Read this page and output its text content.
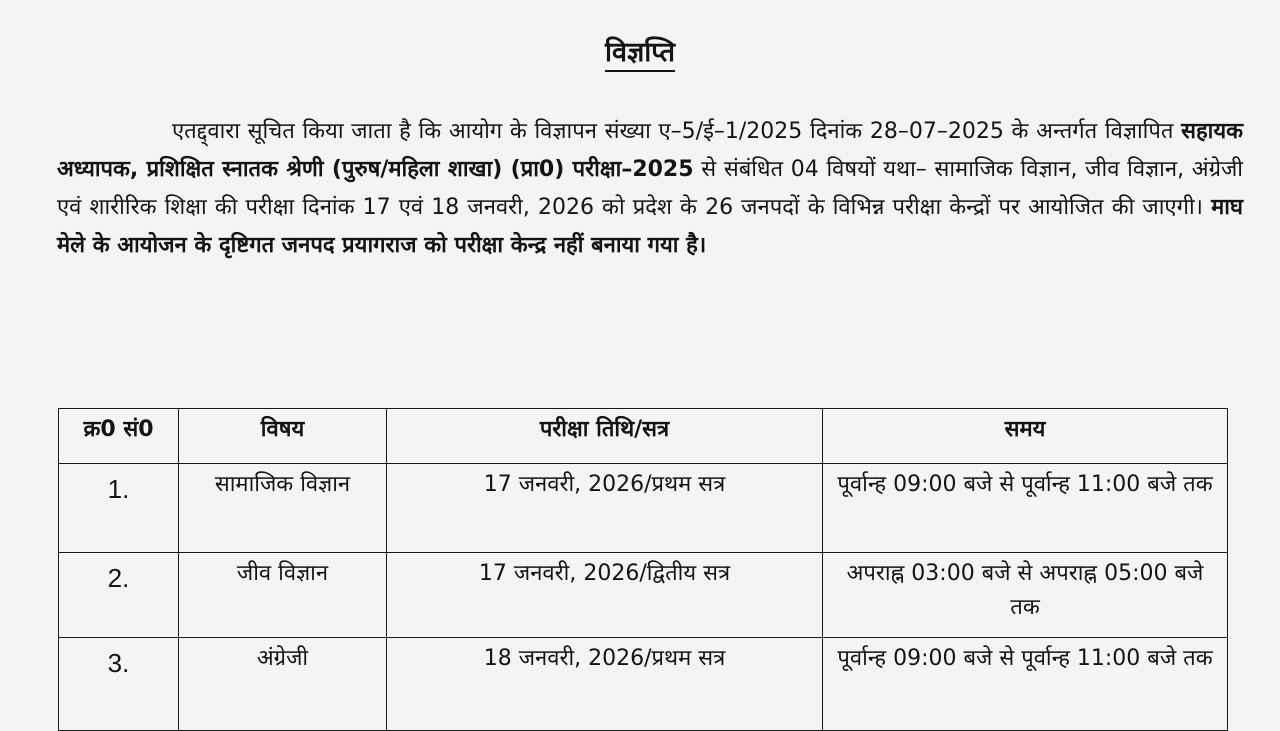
विज्ञप्ति
एतद्द्वारा सूचित किया जाता है कि आयोग के विज्ञापन संख्या ए–5/ई–1/2025 दिनांक 28–07–2025 के अन्तर्गत विज्ञापित सहायक अध्यापक, प्रशिक्षित स्नातक श्रेणी (पुरुष/महिला शाखा) (प्रा0) परीक्षा–2025 से संबंधित 04 विषयों यथा– सामाजिक विज्ञान, जीव विज्ञान, अंग्रेजी एवं शारीरिक शिक्षा की परीक्षा दिनांक 17 एवं 18 जनवरी, 2026 को प्रदेश के 26 जनपदों के विभिन्न परीक्षा केन्द्रों पर आयोजित की जाएगी। माघ मेले के आयोजन के दृष्टिगत जनपद प्रयागराज को परीक्षा केन्द्र नहीं बनाया गया है।
क्र0 सं0	विषय	परीक्षा तिथि/सत्र	समय
1.	सामाजिक विज्ञान	17 जनवरी, 2026/प्रथम सत्र	पूर्वान्ह 09:00 बजे से पूर्वान्ह 11:00 बजे तक
2.	जीव विज्ञान	17 जनवरी, 2026/द्वितीय सत्र	अपराह्न 03:00 बजे से अपराह्न 05:00 बजे तक
3.	अंग्रेजी	18 जनवरी, 2026/प्रथम सत्र	पूर्वान्ह 09:00 बजे से पूर्वान्ह 11:00 बजे तक
